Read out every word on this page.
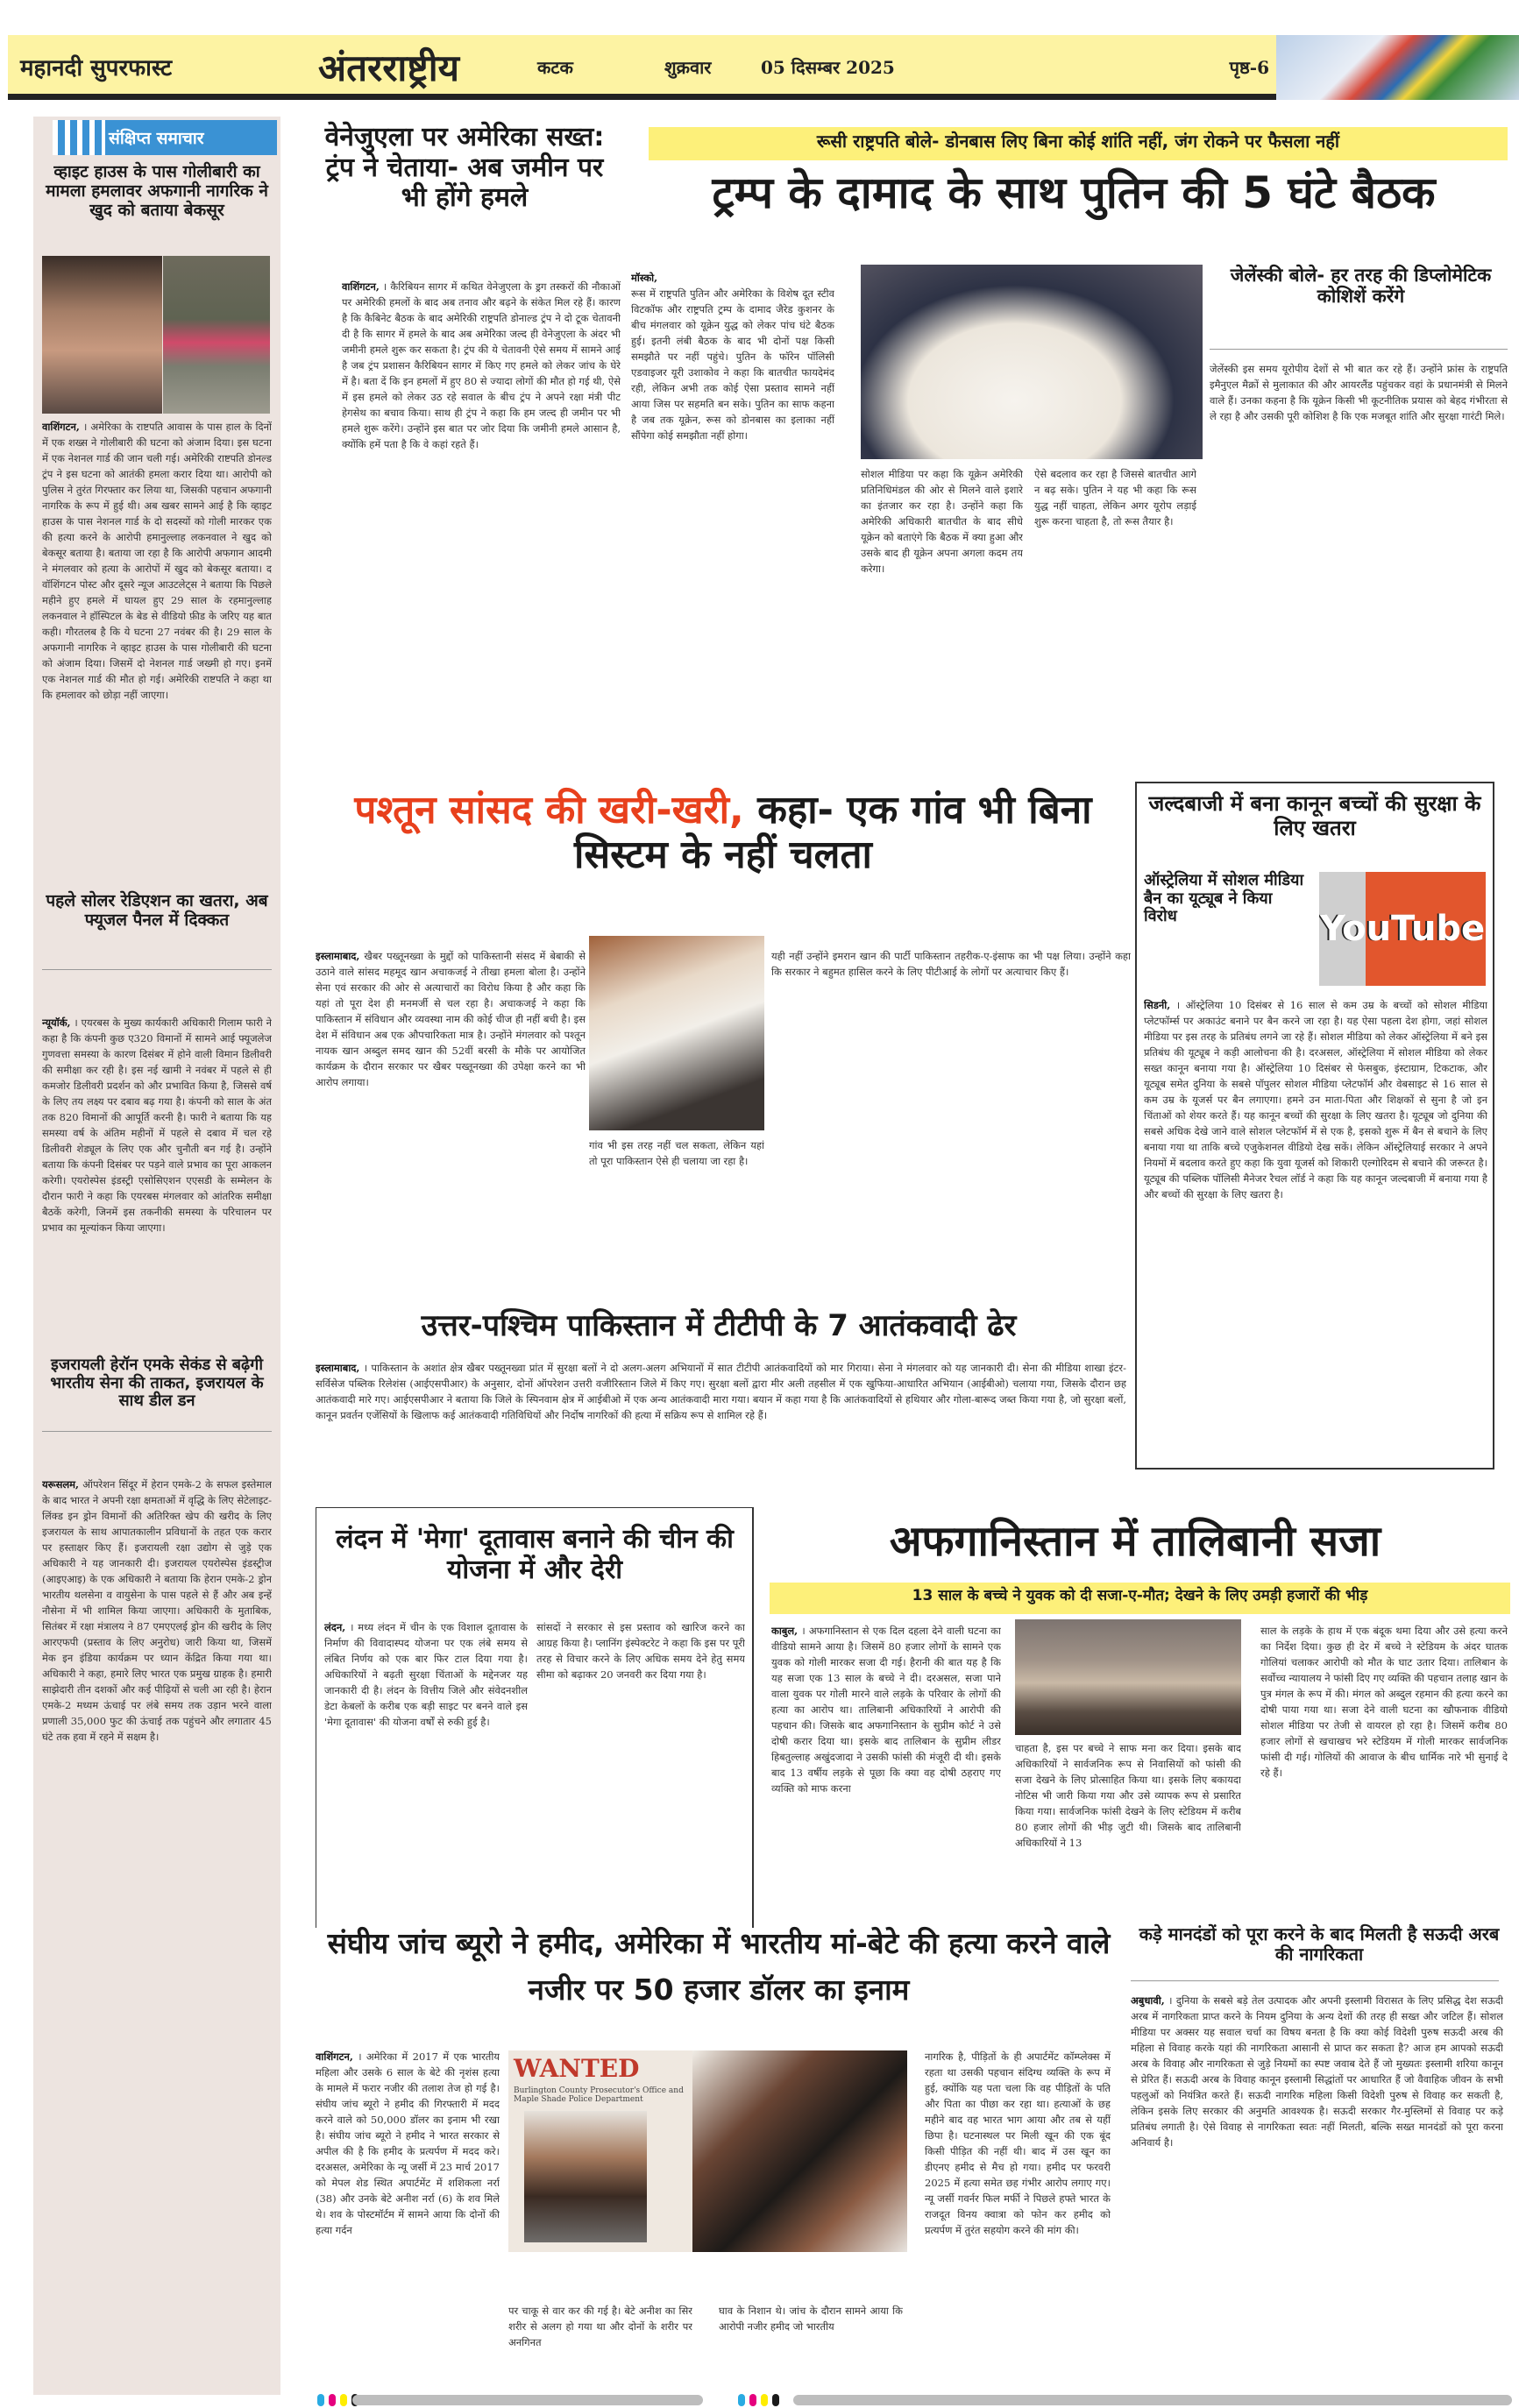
महानदी सुपरफास्ट	अंतरराष्ट्रीय	कटक	शुक्रवार	05 दिसम्बर 2025	पृष्ठ-6
संक्षिप्त समाचार
व्हाइट हाउस के पास गोलीबारी का मामला हमलावर अफगानी नागरिक ने खुद को बताया बेकसूर
वाशिंगटन, । अमेरिका के राष्टपति आवास के पास हाल के दिनों में एक शख्स ने गोलीबारी की घटना को अंजाम दिया। इस घटना में एक नेशनल गार्ड की जान चली गई। अमेरिकी राष्टपति डोनल्ड ट्रंप ने इस घटना को आतंकी हमला करार दिया था। आरोपी को पुलिस ने तुरंत गिरफ्तार कर लिया था, जिसकी पहचान अफगानी नागरिक के रूप में हुई थी। अब खबर सामने आई है कि व्हाइट हाउस के पास नेशनल गार्ड के दो सदस्यों को गोली मारकर एक की हत्या करने के आरोपी हमानुल्लाह लकनवाल ने खुद को बेकसूर बताया है। बताया जा रहा है कि आरोपी अफगान आदमी ने मंगलवार को हत्या के आरोपों में खुद को बेकसूर बताया। द वॉशिंगटन पोस्ट और दूसरे न्यूज आउटलेट्स ने बताया कि पिछले महीने हुए हमले में घायल हुए 29 साल के रहमानुल्लाह लकनवाल ने हॉस्पिटल के बेड से वीडियो फ़ीड के जरिए यह बात कही। गौरतलब है कि ये घटना 27 नवंबर की है। 29 साल के अफगानी नागरिक ने व्हाइट हाउस के पास गोलीबारी की घटना को अंजाम दिया। जिसमें दो नेशनल गार्ड जख्मी हो गए। इनमें एक नेशनल गार्ड की मौत हो गई। अमेरिकी राष्टपति ने कहा था कि हमलावर को छोड़ा नहीं जाएगा।
पहले सोलर रेडिएशन का खतरा, अब फ्यूजल पैनल में दिक्कत
न्यूयॉर्क, । एयरबस के मुख्य कार्यकारी अधिकारी गिलाम फारी ने कहा है कि कंपनी कुछ ए320 विमानों में सामने आई फ्यूजलेज गुणवत्ता समस्या के कारण दिसंबर में होने वाली विमान डिलीवरी की समीक्षा कर रही है। इस नई खामी ने नवंबर में पहले से ही कमजोर डिलीवरी प्रदर्शन को और प्रभावित किया है, जिससे वर्ष के लिए तय लक्ष्य पर दबाव बढ़ गया है। कंपनी को साल के अंत तक 820 विमानों की आपूर्ति करनी है। फारी ने बताया कि यह समस्या वर्ष के अंतिम महीनों में पहले से दबाव में चल रहे डिलीवरी शेड्यूल के लिए एक और चुनौती बन गई है। उन्होंने बताया कि कंपनी दिसंबर पर पड़ने वाले प्रभाव का पूरा आकलन करेगी। एयरोस्पेस इंडस्ट्री एसोसिएशन एएसडी के सम्मेलन के दौरान फारी ने कहा कि एयरबस मंगलवार को आंतरिक समीक्षा बैठकें करेगी, जिनमें इस तकनीकी समस्या के परिचालन पर प्रभाव का मूल्यांकन किया जाएगा।
इजरायली हेरॉन एमके सेकंड से बढ़ेगी भारतीय सेना की ताकत, इजरायल के साथ डील डन
यरूसलम, ऑपरेशन सिंदूर में हेरान एमके-2 के सफल इस्तेमाल के बाद भारत ने अपनी रक्षा क्षमताओं में वृद्धि के लिए सेटेलाइट-लिंक्ड इन ड्रोन विमानों की अतिरिक्त खेप की खरीद के लिए इजरायल के साथ आपातकालीन प्रविधानों के तहत एक करार पर हस्ताक्षर किए हैं। इजरायली रक्षा उद्योग से जुड़े एक अधिकारी ने यह जानकारी दी। इजरायल एयरोस्पेस इंडस्ट्रीज (आइएआइ) के एक अधिकारी ने बताया कि हेरान एमके-2 ड्रोन भारतीय थलसेना व वायुसेना के पास पहले से हैं और अब इन्हें नौसेना में भी शामिल किया जाएगा। अधिकारी के मुताबिक, सितंबर में रक्षा मंत्रालय ने 87 एमएएलई ड्रोन की खरीद के लिए आरएफपी (प्रस्ताव के लिए अनुरोध) जारी किया था, जिसमें मेक इन इंडिया कार्यक्रम पर ध्यान केंद्रित किया गया था। अधिकारी ने कहा, हमारे लिए भारत एक प्रमुख ग्राहक है। हमारी साझेदारी तीन दशकों और कई पीढ़ियों से चली आ रही है। हेरान एमके-2 मध्यम ऊंचाई पर लंबे समय तक उड़ान भरने वाला प्रणाली 35,000 फुट की ऊंचाई तक पहुंचने और लगातार 45 घंटे तक हवा में रहने में सक्षम है।
वेनेजुएला पर अमेरिका सख्त: ट्रंप ने चेताया- अब जमीन पर भी होंगे हमले
वाशिंगटन, । कैरिबियन सागर में कथित वेनेजुएला के ड्रग तस्करों की नौकाओं पर अमेरिकी हमलों के बाद अब तनाव और बढ़ने के संकेत मिल रहे हैं। कारण है कि कैबिनेट बैठक के बाद अमेरिकी राष्ट्रपति डोनाल्ड ट्रंप ने दो टूक चेतावनी दी है कि सागर में हमले के बाद अब अमेरिका जल्द ही वेनेजुएला के अंदर भी जमीनी हमले शुरू कर सकता है। ट्रंप की ये चेतावनी ऐसे समय में सामने आई है जब ट्रंप प्रशासन कैरिबियन सागर में किए गए हमले को लेकर जांच के घेरे में है। बता दें कि इन हमलों में हुए 80 से ज्यादा लोगों की मौत हो गई थी, ऐसे में इस हमले को लेकर उठ रहे सवाल के बीच ट्रंप ने अपने रक्षा मंत्री पीट हेगसेथ का बचाव किया। साथ ही ट्रंप ने कहा कि हम जल्द ही जमीन पर भी हमले शुरू करेंगे। उन्होंने इस बात पर जोर दिया कि जमीनी हमले आसान है, क्योंकि हमें पता है कि वे कहां रहते हैं।
रूसी राष्ट्रपति बोले- डोनबास लिए बिना कोई शांति नहीं, जंग रोकने पर फैसला नहीं
ट्रम्प के दामाद के साथ पुतिन की 5 घंटे बैठक
मॉस्को,
रूस में राष्ट्रपति पुतिन और अमेरिका के विशेष दूत स्टीव विटकॉफ और राष्ट्रपति ट्रम्प के दामाद जैरेड कुशनर के बीच मंगलवार को यूक्रेन युद्ध को लेकर पांच घंटे बैठक हुई। इतनी लंबी बैठक के बाद भी दोनों पक्ष किसी समझौते पर नहीं पहुंचे। पुतिन के फॉरेन पॉलिसी एडवाइजर यूरी उशाकोव ने कहा कि बातचीत फायदेमंद रही, लेकिन अभी तक कोई ऐसा प्रस्ताव सामने नहीं आया जिस पर सहमति बन सके। पुतिन का साफ कहना है जब तक यूक्रेन, रूस को डोनबास का इलाका नहीं सौंपेगा कोई समझौता नहीं होगा।
सोशल मीडिया पर कहा कि यूक्रेन अमेरिकी प्रतिनिधिमंडल की ओर से मिलने वाले इशारे का इंतजार कर रहा है। उन्होंने कहा कि अमेरिकी अधिकारी बातचीत के बाद सीधे यूक्रेन को बताएंगे कि बैठक में क्या हुआ और उसके बाद ही यूक्रेन अपना अगला कदम तय करेगा।
ऐसे बदलाव कर रहा है जिससे बातचीत आगे न बढ़ सके। पुतिन ने यह भी कहा कि रूस युद्ध नहीं चाहता, लेकिन अगर यूरोप लड़ाई शुरू करना चाहता है, तो रूस तैयार है।
जेलेंस्की बोले- हर तरह की डिप्लोमेटिक कोशिशें करेंगे
जेलेंस्की इस समय यूरोपीय देशों से भी बात कर रहे हैं। उन्होंने फ्रांस के राष्ट्रपति इमैनुएल मैक्रों से मुलाकात की और आयरलैंड पहुंचकर वहां के प्रधानमंत्री से मिलने वाले हैं। उनका कहना है कि यूक्रेन किसी भी कूटनीतिक प्रयास को बेहद गंभीरता से ले रहा है और उसकी पूरी कोशिश है कि एक मजबूत शांति और सुरक्षा गारंटी मिले।
पश्तून सांसद की खरी-खरी, कहा- एक गांव भी बिना सिस्टम के नहीं चलता
इस्लामाबाद, खैबर पख्तूनख्वा के मुद्दों को पाकिस्तानी संसद में बेबाकी से उठाने वाले सांसद महमूद खान अचाकजई ने तीखा हमला बोला है। उन्होंने सेना एवं सरकार की ओर से अत्याचारों का विरोध किया है और कहा कि यहां तो पूरा देश ही मनमर्जी से चल रहा है। अचाकजई ने कहा कि पाकिस्तान में संविधान और व्यवस्था नाम की कोई चीज ही नहीं बची है। इस देश में संविधान अब एक औपचारिकता मात्र है। उन्होंने मंगलवार को पश्तून नायक खान अब्दुल समद खान की 52वीं बरसी के मौके पर आयोजित कार्यक्रम के दौरान सरकार पर खैबर पख्तूनख्वा की उपेक्षा करने का भी आरोप लगाया।
गांव भी इस तरह नहीं चल सकता, लेकिन यहां तो पूरा पाकिस्तान ऐसे ही चलाया जा रहा है।
यही नहीं उन्होंने इमरान खान की पार्टी पाकिस्तान तहरीक-ए-इंसाफ का भी पक्ष लिया। उन्होंने कहा कि सरकार ने बहुमत हासिल करने के लिए पीटीआई के लोगों पर अत्याचार किए हैं।
जल्दबाजी में बना कानून बच्चों की सुरक्षा के लिए खतरा
ऑस्ट्रेलिया में सोशल मीडिया बैन का यूट्यूब ने किया विरोध	YouTube
सिडनी, । ऑस्ट्रेलिया 10 दिसंबर से 16 साल से कम उम्र के बच्चों को सोशल मीडिया प्लेटफॉर्म्स पर अकाउंट बनाने पर बैन करने जा रहा है। यह ऐसा पहला देश होगा, जहां सोशल मीडिया पर इस तरह के प्रतिबंध लगने जा रहे हैं। सोशल मीडिया को लेकर ऑस्ट्रेलिया में बने इस प्रतिबंध की यूट्यूब ने कड़ी आलोचना की है। दरअसल, ऑस्ट्रेलिया में सोशल मीडिया को लेकर सख्त कानून बनाया गया है। ऑस्ट्रेलिया 10 दिसंबर से फेसबुक, इंस्टाग्राम, टिकटाक, और यूट्यूब समेत दुनिया के सबसे पॉपुलर सोशल मीडिया प्लेटफॉर्म और वेबसाइट से 16 साल से कम उम्र के यूजर्स पर बैन लगाएगा। हमने उन माता-पिता और शिक्षकों से सुना है जो इन चिंताओं को शेयर करते हैं। यह कानून बच्चों की सुरक्षा के लिए खतरा है। यूट्यूब जो दुनिया की सबसे अधिक देखे जाने वाले सोशल प्लेटफॉर्म में से एक है, इसको शुरू में बैन से बचाने के लिए बनाया गया था ताकि बच्चे एजुकेशनल वीडियो देख सकें। लेकिन ऑस्ट्रेलियाई सरकार ने अपने नियमों में बदलाव करते हुए कहा कि युवा यूजर्स को शिकारी एल्गोरिदम से बचाने की जरूरत है। यूट्यूब की पब्लिक पॉलिसी मैनेजर रैचल लॉर्ड ने कहा कि यह कानून जल्दबाजी में बनाया गया है और बच्चों की सुरक्षा के लिए खतरा है।
उत्तर-पश्चिम पाकिस्तान में टीटीपी के 7 आतंकवादी ढेर
इस्लामाबाद, । पाकिस्तान के अशांत क्षेत्र खैबर पख्तूनख्वा प्रांत में सुरक्षा बलों ने दो अलग-अलग अभियानों में सात टीटीपी आतंकवादियों को मार गिराया। सेना ने मंगलवार को यह जानकारी दी। सेना की मीडिया शाखा इंटर-सर्विसेज पब्लिक रिलेशंस (आईएसपीआर) के अनुसार, दोनों ऑपरेशन उत्तरी वजीरिस्तान जिले में किए गए। सुरक्षा बलों द्वारा मीर अली तहसील में एक खुफिया-आधारित अभियान (आईबीओ) चलाया गया, जिसके दौरान छह आतंकवादी मारे गए। आईएसपीआर ने बताया कि जिले के स्पिनवाम क्षेत्र में आईबीओ में एक अन्य आतंकवादी मारा गया। बयान में कहा गया है कि आतंकवादियों से हथियार और गोला-बारूद जब्त किया गया है, जो सुरक्षा बलों, कानून प्रवर्तन एजेंसियों के खिलाफ कई आतंकवादी गतिविधियों और निर्दोष नागरिकों की हत्या में सक्रिय रूप से शामिल रहे हैं।
लंदन में 'मेगा' दूतावास बनाने की चीन की योजना में और देरी
लंदन, । मध्य लंदन में चीन के एक विशाल दूतावास के निर्माण की विवादास्पद योजना पर एक लंबे समय से लंबित निर्णय को एक बार फिर टाल दिया गया है। अधिकारियों ने बढ़ती सुरक्षा चिंताओं के मद्देनजर यह जानकारी दी है। लंदन के वित्तीय जिले और संवेदनशील डेटा केबलों के करीब एक बड़ी साइट पर बनने वाले इस 'मेगा दूतावास' की योजना वर्षों से रुकी हुई है।
सांसदों ने सरकार से इस प्रस्ताव को खारिज करने का आग्रह किया है। प्लानिंग इंस्पेक्टरेट ने कहा कि इस पर पूरी तरह से विचार करने के लिए अधिक समय देने हेतु समय सीमा को बढ़ाकर 20 जनवरी कर दिया गया है।
अफगानिस्तान में तालिबानी सजा
13 साल के बच्चे ने युवक को दी सजा-ए-मौत; देखने के लिए उमड़ी हजारों की भीड़
काबुल, । अफगानिस्तान से एक दिल दहला देने वाली घटना का वीडियो सामने आया है। जिसमें 80 हजार लोगों के सामने एक युवक को गोली मारकर सजा दी गई। हैरानी की बात यह है कि यह सजा एक 13 साल के बच्चे ने दी। दरअसल, सजा पाने वाला युवक पर गोली मारने वाले लड़के के परिवार के लोगों की हत्या का आरोप था। तालिबानी अधिकारियों ने आरोपी की पहचान की। जिसके बाद अफगानिस्तान के सुप्रीम कोर्ट ने उसे दोषी करार दिया था। इसके बाद तालिबान के सुप्रीम लीडर हिबतुल्लाह अखुंदजादा ने उसकी फांसी की मंजूरी दी थी। इसके बाद 13 वर्षीय लड़के से पूछा कि क्या वह दोषी ठहराए गए व्यक्ति को माफ करना
चाहता है, इस पर बच्चे ने साफ मना कर दिया। इसके बाद अधिकारियों ने सार्वजनिक रूप से निवासियों को फांसी की सजा देखने के लिए प्रोत्साहित किया था। इसके लिए बकायदा नोटिस भी जारी किया गया और उसे व्यापक रूप से प्रसारित किया गया। सार्वजनिक फांसी देखने के लिए स्टेडियम में करीब 80 हजार लोगों की भीड़ जुटी थी। जिसके बाद तालिबानी अधिकारियों ने 13
साल के लड़के के हाथ में एक बंदूक थमा दिया और उसे हत्या करने का निर्देश दिया। कुछ ही देर में बच्चे ने स्टेडियम के अंदर घातक गोलियां चलाकर आरोपी को मौत के घाट उतार दिया। तालिबान के सर्वोच्च न्यायालय ने फांसी दिए गए व्यक्ति की पहचान तलाह खान के पुत्र मंगल के रूप में की। मंगल को अब्दुल रहमान की हत्या करने का दोषी पाया गया था। सजा देने वाली घटना का खौफनाक वीडियो सोशल मीडिया पर तेजी से वायरल हो रहा है। जिसमें करीब 80 हजार लोगों से खचाखच भरे स्टेडियम में गोली मारकर सार्वजनिक फांसी दी गई। गोलियों की आवाज के बीच धार्मिक नारे भी सुनाई दे रहे हैं।
संघीय जांच ब्यूरो ने हमीद, अमेरिका में भारतीय मां-बेटे की हत्या करने वाले नजीर पर 50 हजार डॉलर का इनाम
वाशिंगटन, । अमेरिका में 2017 में एक भारतीय महिला और उसके 6 साल के बेटे की नृशंस हत्या के मामले में फरार नजीर की तलाश तेज हो गई है। संघीय जांच ब्यूरो ने हमीद की गिरफ्तारी में मदद करने वाले को 50,000 डॉलर का इनाम भी रखा है। संघीय जांच ब्यूरो ने हमीद ने भारत सरकार से अपील की है कि हमीद के प्रत्यर्पण में मदद करे। दरअसल, अमेरिका के न्यू जर्सी में 23 मार्च 2017 को मेपल शेड स्थित अपार्टमेंट में शशिकला नर्रा (38) और उनके बेटे अनीश नर्रा (6) के शव मिले थे। शव के पोस्टमॉर्टम में सामने आया कि दोनों की हत्या गर्दन
WANTED
Burlington County Prosecutor's Office and Maple Shade Police Department
पर चाकू से वार कर की गई है। बेटे अनीश का सिर शरीर से अलग हो गया था और दोनों के शरीर पर अनगिनत
घाव के निशान थे। जांच के दौरान सामने आया कि आरोपी नजीर हमीद जो भारतीय
नागरिक है, पीड़ितों के ही अपार्टमेंट कॉम्प्लेक्स में रहता था उसकी पहचान संदिग्ध व्यक्ति के रूप में हुई, क्योंकि यह पता चला कि वह पीड़ितों के पति और पिता का पीछा कर रहा था। हत्याओं के छह महीने बाद वह भारत भाग आया और तब से यहीं छिपा है। घटनास्थल पर मिली खून की एक बूंद किसी पीड़ित की नहीं थी। बाद में उस खून का डीएनए हमीद से मैच हो गया। हमीद पर फरवरी 2025 में हत्या समेत छह गंभीर आरोप लगाए गए। न्यू जर्सी गवर्नर फिल मर्फी ने पिछले हफ्ते भारत के राजदूत विनय क्वात्रा को फोन कर हमीद को प्रत्यर्पण में तुरंत सहयोग करने की मांग की।
कड़े मानदंडों को पूरा करने के बाद मिलती है सऊदी अरब की नागरिकता
अबुधावी, । दुनिया के सबसे बड़े तेल उत्पादक और अपनी इस्लामी विरासत के लिए प्रसिद्ध देश सऊदी अरब में नागरिकता प्राप्त करने के नियम दुनिया के अन्य देशों की तरह ही सख्त और जटिल हैं। सोशल मीडिया पर अक्सर यह सवाल चर्चा का विषय बनता है कि क्या कोई विदेशी पुरुष सऊदी अरब की महिला से विवाह करके यहां की नागरिकता आसानी से प्राप्त कर सकता है? आज हम आपको सऊदी अरब के विवाह और नागरिकता से जुड़े नियमों का स्पष्ट जवाब देते हैं जो मुख्यतः इस्लामी शरिया कानून से प्रेरित हैं। सऊदी अरब के विवाह कानून इस्लामी सिद्धांतों पर आधारित हैं जो वैवाहिक जीवन के सभी पहलुओं को नियंत्रित करते हैं। सऊदी नागरिक महिला किसी विदेशी पुरुष से विवाह कर सकती है, लेकिन इसके लिए सरकार की अनुमति आवश्यक है। सऊदी सरकार गैर-मुस्लिमों से विवाह पर कड़े प्रतिबंध लगाती है। ऐसे विवाह से नागरिकता स्वतः नहीं मिलती, बल्कि सख्त मानदंडों को पूरा करना अनिवार्य है।
